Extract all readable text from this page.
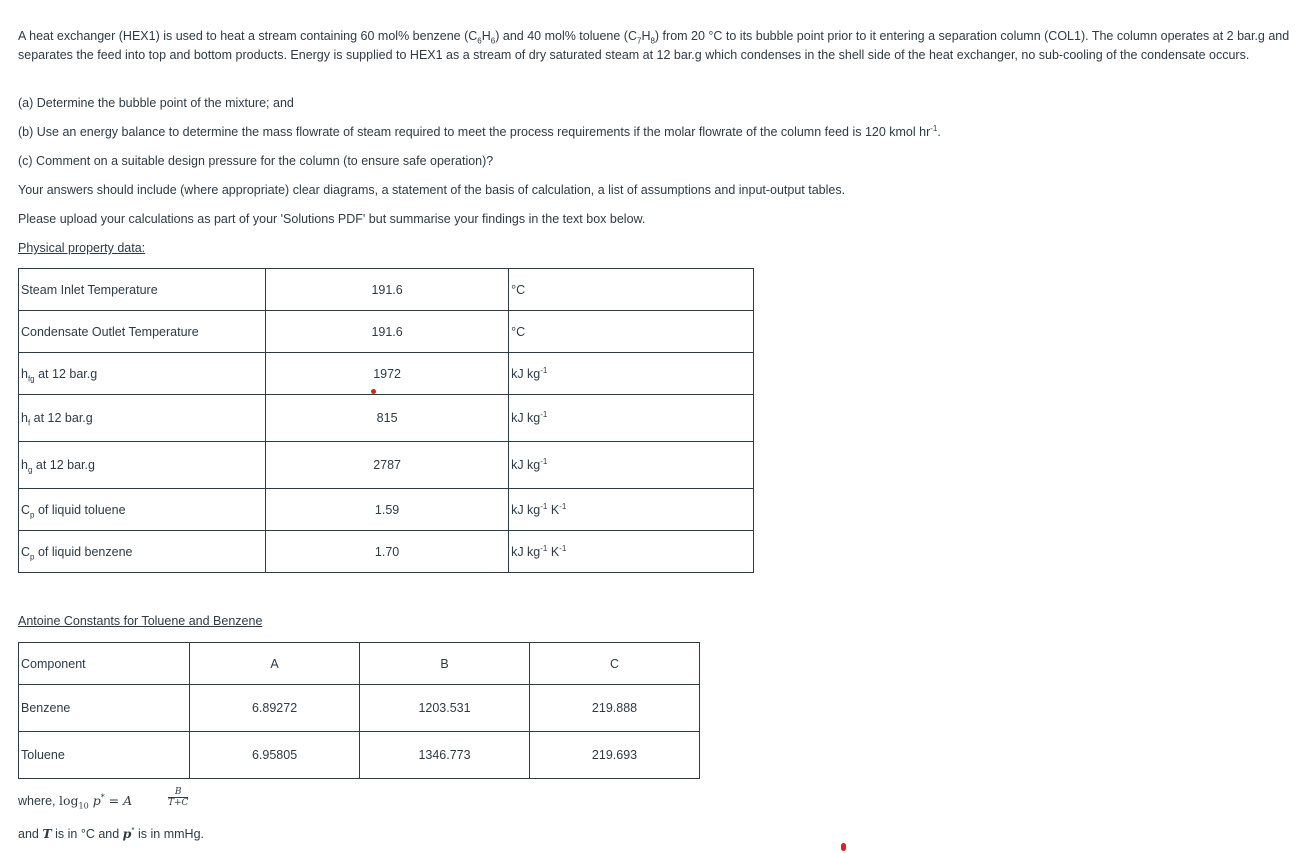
A heat exchanger (HEX1) is used to heat a stream containing 60 mol% benzene $(C_6H_6)$ and 40 mol% toluene $(C_7H_8)$ from 20 °C to its bubble point prior to it entering a separation column (COL1). The column operates at 2 bar.g and separates the feed into top and bottom products. Energy is supplied to HEX1 as a stream of dry saturated steam at 12 bar.g which condenses in the shell side of the heat exchanger, no sub-cooling of the condensate occurs.

(a) Determine the bubble point of the mixture; and

(b) Use an energy balance to determine the mass flowrate of steam required to meet the process requirements if the molar flowrate of the column feed is 120 kmol $hr^{-1}$.

(c) Comment on a suitable design pressure for the column (to ensure safe operation)?

Your answers should include (where appropriate) clear diagrams, a statement of the basis of calculation, a list of assumptions and input-output tables.

Please upload your calculations as part of your 'Solutions PDF' but summarise your findings in the text box below.

Physical property data:

Steam Inlet Temperature	191.6	°C
Condensate Outlet Temperature	191.6	°C
$h_{fg}$ at 12 bar.g	1972	kJ $kg^{-1}$
$h_f$ at 12 bar.g	815	kJ $kg^{-1}$
$h_g$ at 12 bar.g	2787	kJ $kg^{-1}$
$C_p$ of liquid toluene	1.59	kJ $kg^{-1}$ $K^{-1}$
$C_p$ of liquid benzene	1.70	kJ $kg^{-1}$ $K^{-1}$

Antoine Constants for Toluene and Benzene

Component	A	B	C
Benzene	6.89272	1203.531	219.888
Toluene	6.95805	1346.773	219.693

where, $\log_{10} p^* = A$	$\frac{B}{T+C}$

and T is in °C and p* is in mmHg.
